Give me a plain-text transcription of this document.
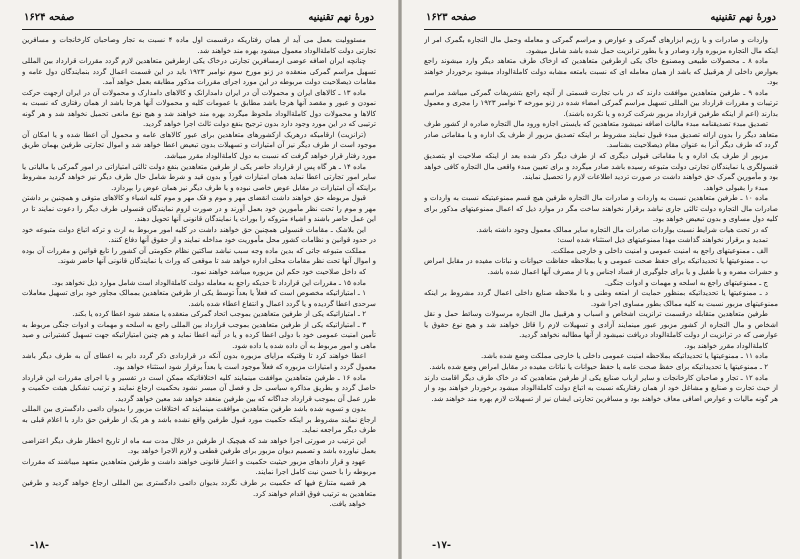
دورهٔ نهم تقنینیه
صفحه ۱۶۲۴

مسئوولیت بعمل می آید از همان رفتاریکه درقسمت اول ماده ۴ نسبت به تجار وصاحبان کارخانجات و مسافرین تجارتی دولت کاملةالوداد معمول میشود بهره مند خواهند شد.

چنانچه ایران اضافه عوضی ازمسافرین تجارتی درخاک یکی ازطرفین متعاهدین لازم گردد مقررات قرارداد بین المللی تسهیل مراسم گمرکی منعقده در ژنو مورخ سوم نوامبر ۱۹۲۳ باید در این قسمت اعمال گردد بنمایندگان دول عامه و مقامات ذیصلاحیت دولت مربوطه در این مورد اجرای مقررات مذکور مطابقه بعمل خواهد آمد.

ماده ۱۳ ـ کالاهای ایران و محمولات آن در ایران دامدارانک و کالاهای دامدارک و محمولات آن در ایران ازجهت حرکت نمودن و عبور و مقصد آنها هرجا باشد مطابق با عمومات کلیه و محمولات آنها هرجا باشد از همان رفتاری که نسبت به کالاها و محمولات دول کاملةالوداد ملحوظ میگردد بهره مند خواهند شد و هیچ نوع مانعی تحمیل نخواهد شد و هر گونه ترتیبی که در این مورد وجود دارد بدون ترجیح بنفع دولت ثالث اجرا خواهد گردید.

(ترانزیت) ارقامیکه درهریک ازکشورهای متعاهدین برای عبور کالاهای عامه و محمول آن اعطا شده و یا امکان آن موجود است از طرف دیگر نیز آن امتیازات و تسهیلات بدون تبعیض اعطا خواهد شد و اموال تجارتی طرفین بهمان طریق مورد رفتار قرار خواهد گرفت که نسبت به دول کاملةالوداد مقرر میباشد.

ماده ۱۴ ـ هر گاه پس از قرارداد حاضر یکی از طرفین متعاهدین بنفع دولت ثالثی امتیازاتی در امور گمرکی یا مالیاتی یا سایر امور تجارتی اعطا نماید همان امتیازات فوراً و بدون قید و شرط شامل حال طرف دیگر نیز خواهد گردید مشروط براینکه آن امتیازات در مقابل عوض خاصی نبوده و یا طرف دیگر نیز همان عوض را بپردازد.

قبول مربوطه حق خواهند داشت انقضای مهر و موم و فک مهر و موم کلیه اشیاء و کالاهای متوفی و همچنین بر داشتن مهر و موم را تحت نظر مأمورین خود بعمل آورند و در صورت لزوم نمایندگان قنسولی طرف دیگر را دعوت نمایند تا در این عمل حاضر باشند و اشیاء متروکه را بوراث یا نمایندگان قانونی آنها تحویل دهند.

این بلاشک ـ مقامات قنسولی همچنین حق خواهند داشت در کلیه امور مربوط به ارث و ترکه اتباع دولت متبوعه خود در حدود قوانین و نظامات کشور محل مأموریت خود مداخله نمایند و از حقوق آنها دفاع کنند.

مملکت متبوعه جاتی که بدین ماده وجه سبب نباشد ساکتین نظام حکومتی آن کشور را تابع قوانین و مقررات آن بوده و اموال آنها تحت نظر مقامات محلی اداره خواهد شد تا موقعی که وراث یا نمایندگان قانونی آنها حاضر شوند.

که داخل صلاحیت خود حکم این مزبوره میباشد خواهند نمود.

ماده ۱۵ ـ مقررات این قرارداد تا حدیکه راجع به معامله دولت کاملةالوداد است شامل موارد ذیل نخواهد بود.

۱ ـ امتیازاتیکه مخصوص است که فعلاً یا بعداً توسط یکی از طرفین متعاهدین بممالک مجاور خود برای تسهیل معاملات سرحدی اعطا گردیده و یا گردد اعمال و انتفاع اعطاء شده باشد.

۲ ـ امتیازاتیکه یکی از طرفین متعاهدین بموجب اتحاد گمرکی منعقده یا منعقد شود اعطا کرده یا بکند.

۳ ـ امتیازاتیکه یکی از طرفین متعاهدین بموجب قرارداد بین المللی راجع به اسلحه و مهمات و ادوات جنگی مربوط به تأمین امنیت عمومی خود با دولی اعطا کرده و یا در آتیه اعطا نماید و هم چنین امتیازاتیکه جهت تسهیل کشتیرانی و صید ماهی و امور مربوط به آن داده شده یا داده شود.

اعطا خواهند کرد تا وقتیکه مزایای مزبوره بدون آنکه در قراردادی ذکر گردد دایر به اعطای آن به طرف دیگر باشد معمول گردد و امتیازات مزبوره که فعلاً موجود است یا بعداً برقرار شود استثناء خواهد بود.

ماده ۱۶ ـ طرفین متعاهدین موافقت مینمایند کلیه اختلافاتیکه ممکن است در تفسیر و یا اجرای مقررات این قرارداد حاصل گردد و بطریق مذاکره سیاسی حل و فصل آن میسر نشود بحکمیت ارجاع نمایند و ترتیب تشکیل هیئت حکمیت و طرز عمل آن بموجب قرارداد جداگانه که بین طرفین منعقد خواهد شد معین خواهد گردید.

بدون و تسویه شده باشد طرفین متعاهدین موافقت مینمایند که اختلافات مزبور را بدیوان دائمی دادگستری بین المللی ارجاع نمایند مشروط بر اینکه حکمیت مورد قبول طرفین واقع نشده باشد و هر یک از طرفین حق دارد با اعلام قبلی به طرف دیگر مراجعه نماید.

این ترتیب در صورتی اجرا خواهد شد که هیچیک از طرفین در خلال مدت سه ماه از تاریخ اخطار طرف دیگر اعتراضی بعمل نیاورده باشد و تصمیم دیوان مزبور برای طرفین قطعی و لازم الاجرا خواهد بود.

عهود و قرار دادهای مزبور حیثیت حکمیت و اعتبار قانونی خواهند داشت و طرفین متعاهدین متعهد میباشند که مقررات مربوطه را با حسن نیت کامل اجرا نمایند.

هر قضیه متنازع فیها که حکمیت بر طرف نگردد بدیوان دائمی دادگستری بین المللی ارجاع خواهد گردید و طرفین متعاهدین به ترتیب فوق اقدام خواهند کرد.

خواهد یافت.

-۱۸-
دورهٔ نهم تقنینیه
صفحه ۱۶۲۳

واردات و صادرات و یا رژیم ابزارهای گمرکی و عوارض و مراسم گمرکی و معامله وحمل مال التجاره بگمرک امر از اینکه مال التجاره مزبوره وارد وصادر و یا بطور ترانزیت حمل شده باشد شامل میشود.

ماده ۸ ـ محصولات طبیعی ومصنوع خاک یکی ازطرفین متعاهدین که ازخاک طرف متعاهد دیگر وارد میشوند راجع بعوارض داخلی از هرقبیل که باشد از همان معامله ای که نسبت بامتعه مشابه دولت کاملةالوداد میشود برخوردار خواهند بود.

ماده ۹ ـ طرفین متعاهدین موافقت دارند که در باب تجارت قسمتی از آنچه راجع بتشریفات گمرکی میباشد مراسم ترتیبات و مقررات قرارداد بین المللی تسهیل مراسم گمرکی امضاء شده در ژنو مورخه ۳ نوامبر ۱۹۲۳ را مجری و معمول بدارند (اعم از اینکه طرفین قرارداد مزبور شرکت کرده و یا نکرده باشند).

تصدیق مبدء تصدیقنامه مبدء مالیات اضافه نمیشود متعاهدین که بایستی اجازه ورود مال التجاره صادره از کشور طرف متعاهد دیگر را بدون ارائه تصدیق مبدء قبول نمایند مشروط بر اینکه تصدیق مزبور از طرف یک اداره و یا مقاماتی صادر گردد که طرف دیگر آنرا به عنوان مقام ذیصلاحیت بشناسد.

مزبور از طرف یک اداره و یا مقاماتی قبولی دیگری که از طرف دیگر ذکر شده بعد از اینکه صلاحیت او بتصدیق قنسولگری یا نمایندگان تجارتی دولت متبوعه رسیده باشد صادر میگردد و برای تعیین مبدء واقعی مال التجاره کافی خواهد بود و مأمورین گمرک حق خواهند داشت در صورت تردید اطلاعات لازم را تحصیل نمایند.

مبدء را بقبولی خواهد.

ماده ۱۰ ـ طرفین متعاهدین نسبت به واردات و صادرات مال التجاره طرفین هیچ قسم ممنوعیتیکه نسبت به واردات و صادرات مال التجاره دولت ثالثی جاری نباشد برقرار نخواهند ساخت مگر در موارد ذیل که اعمال ممنوعیتهای مذکور برای کلیه دول مساوی و بدون تبعیض خواهد بود.

که در تحت هیات شرایط نسبت بواردات صادرات مال التجاره سایر ممالک معمول وجود داشته باشد.

تمدید و برقرار نخواهند گذاشت مهذا ممنوعیتهای ذیل استثناء شده است:

الف ـ ممنوعیتهای راجع به امنیت عمومی و امنیت داخلی و خارجی مملکت.

ب ـ ممنوعیتها یا تحدیداتیکه برای حفظ صحت عمومی و یا بملاحظه حفاظت حیوانات و نباتات مفیده در مقابل امراض و حشرات مضره و یا طفیل و یا برای جلوگیری از فساد اجناس و یا از مصرف آنها اعمال شده باشد.

ج ـ ممنوعیتهای راجع به اسلحه و مهمات و ادوات جنگی.

د ـ ممنوعیتها یا تحدیداتیکه بمنظور حمایت از امتعه وطنی و با ملاحظه صنایع داخلی اعمال گردد مشروط بر اینکه ممنوعیتهای مزبور نسبت به کلیه ممالک بطور مساوی اجرا شود.

طرفین متعاهدین متقابله درقسمت ترانزیت اشخاص و اسباب و هرقبیل مال التجاره مرسولات وسائط حمل و نقل اشخاص و مال التجاره از کشور مزبور عبور مینمایند آزادی و تسهیلات لازم را قائل خواهند شد و هیچ نوع حقوق یا عوارضی که در ترانزیت از دولت کاملةالوداد دریافت نمیشود از آنها مطالبه نخواهد گردید.

کاملةالوداد مقرر خواهند بود.

ماده ۱۱ ـ ممنوعیتها یا تحدیداتیکه بملاحظه امنیت عمومی داخلی یا خارجی مملکت وضع شده باشد.

۲ ـ ممنوعیتها یا تحدیداتیکه برای حفظ صحت عامه یا حفظ حیوانات یا نباتات مفیده در مقابل امراض وضع شده باشد.

ماده ۱۲ ـ تجار و صاحبان کارخانجات و سایر ارباب صنایع یکی از طرفین متعاهدین که در خاک طرف دیگر اقامت دارند از حیث تجارت و صنایع و مشاغل خود از همان رفتاریکه نسبت به اتباع دولت کاملةالوداد میشود برخوردار خواهند بود و از هر گونه مالیات و عوارض اضافی معاف خواهند بود و مسافرین تجارتی ایشان نیز از تسهیلات لازم بهره مند خواهند شد.

-۱۷-
